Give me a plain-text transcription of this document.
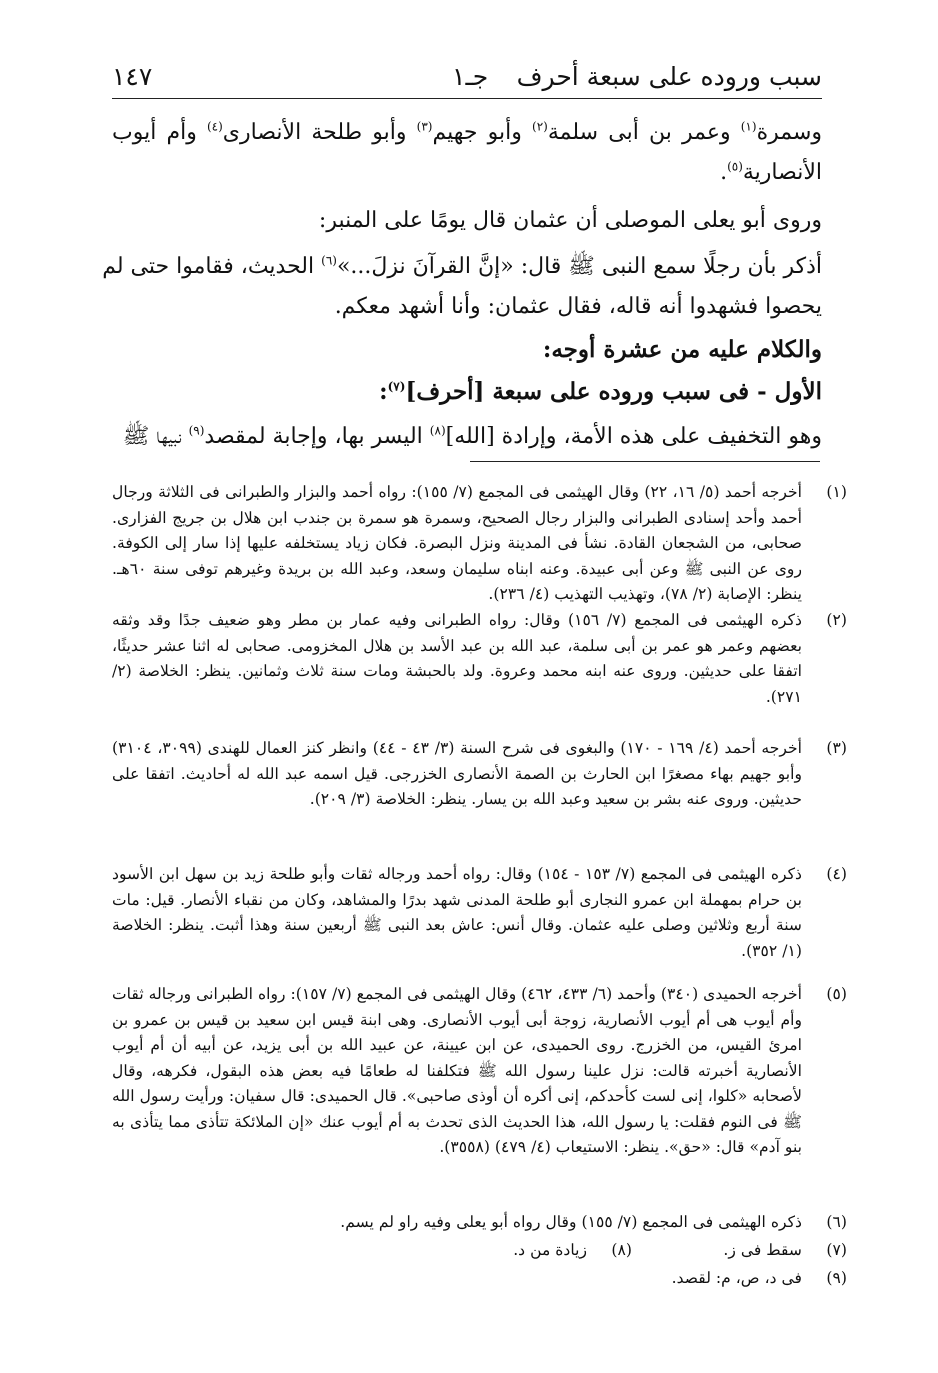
سبب وروده على سبعة أحرف
جـ١
١٤٧
وسمرة$^{(١)}$ وعمر بن أبى سلمة$^{(٢)}$ وأبو جهيم$^{(٣)}$ وأبو طلحة الأنصارى$^{(٤)}$ وأم أيوب
الأنصارية$^{(٥)}$.
وروى أبو يعلى الموصلى أن عثمان قال يومًا على المنبر:
أذكر بأن رجلًا سمع النبى ﷺ قال: «إنَّ القرآنَ نزلَ...»$^{(٦)}$ الحديث، فقاموا حتى لم
يحصوا فشهدوا أنه قاله، فقال عثمان: وأنا أشهد معكم.
والكلام عليه من عشرة أوجه:
الأول - فى سبب وروده على سبعة [أحرف]$^{(٧)}$:
وهو التخفيف على هذه الأمة، وإرادة [الله]$^{(٨)}$ اليسر بها، وإجابة لمقصد$^{(٩)}$ نبيها ﷺ
(١)
أخرجه أحمد (٥/ ١٦، ٢٢) وقال الهيثمى فى المجمع (٧/ ١٥٥): رواه أحمد والبزار والطبرانى فى الثلاثة ورجال أحمد وأحد إسنادى الطبرانى والبزار رجال الصحيح، وسمرة هو سمرة بن جندب ابن هلال بن جريج الفزارى. صحابى، من الشجعان القادة. نشأ فى المدينة ونزل البصرة. فكان زياد يستخلفه عليها إذا سار إلى الكوفة. روى عن النبى ﷺ وعن أبى عبيدة. وعنه ابناه سليمان وسعد، وعبد الله بن بريدة وغيرهم توفى سنة ٦٠هـ. ينظر: الإصابة (٢/ ٧٨)، وتهذيب التهذيب (٤/ ٢٣٦).
(٢)
ذكره الهيثمى فى المجمع (٧/ ١٥٦) وقال: رواه الطبرانى وفيه عمار بن مطر وهو ضعيف جدًا وقد وثقه بعضهم وعمر هو عمر بن أبى سلمة، عبد الله بن عبد الأسد بن هلال المخزومى. صحابى له اثنا عشر حديثًا، اتفقا على حديثين. وروى عنه ابنه محمد وعروة. ولد بالحبشة ومات سنة ثلاث وثمانين. ينظر: الخلاصة (٢/ ٢٧١).
(٣)
أخرجه أحمد (٤/ ١٦٩ - ١٧٠) والبغوى فى شرح السنة (٣/ ٤٣ - ٤٤) وانظر كنز العمال للهندى (٣٠٩٩، ٣١٠٤) وأبو جهيم بهاء مصغرًا ابن الحارث بن الصمة الأنصارى الخزرجى. قيل اسمه عبد الله له أحاديث. اتفقا على حديثين. وروى عنه بشر بن سعيد وعبد الله بن يسار. ينظر: الخلاصة (٣/ ٢٠٩).
(٤)
ذكره الهيثمى فى المجمع (٧/ ١٥٣ - ١٥٤) وقال: رواه أحمد ورجاله ثقات وأبو طلحة زيد بن سهل ابن الأسود بن حرام بمهملة ابن عمرو النجارى أبو طلحة المدنى شهد بدرًا والمشاهد، وكان من نقباء الأنصار. قيل: مات سنة أربع وثلاثين وصلى عليه عثمان. وقال أنس: عاش بعد النبى ﷺ أربعين سنة وهذا أثبت. ينظر: الخلاصة (١/ ٣٥٢).
(٥)
أخرجه الحميدى (٣٤٠) وأحمد (٦/ ٤٣٣، ٤٦٢) وقال الهيثمى فى المجمع (٧/ ١٥٧): رواه الطبرانى ورجاله ثقات وأم أيوب هى أم أيوب الأنصارية، زوجة أبى أيوب الأنصارى. وهى ابنة قيس ابن سعيد بن قيس بن عمرو بن امرئ القيس، من الخزرج. روى الحميدى، عن ابن عيينة، عن عبيد الله بن أبى يزيد، عن أبيه أن أم أيوب الأنصارية أخبرته قالت: نزل علينا رسول الله ﷺ فتكلفنا له طعامًا فيه بعض هذه البقول، فكرهه، وقال لأصحابه «كلوا، إنى لست كأحدكم، إنى أكره أن أوذى صاحبى». قال الحميدى: قال سفيان: ورأيت رسول الله ﷺ فى النوم فقلت: يا رسول الله، هذا الحديث الذى تحدث به أم أيوب عنك «إن الملائكة تتأذى مما يتأذى به بنو آدم» قال: «حق». ينظر: الاستيعاب (٤/ ٤٧٩) (٣٥٥٨).
(٦)
ذكره الهيثمى فى المجمع (٧/ ١٥٥) وقال رواه أبو يعلى وفيه راو لم يسم.
(٧)
سقط فى ز.
(٨)
زيادة من د.
(٩)
فى د، ص، م: لقصد.
